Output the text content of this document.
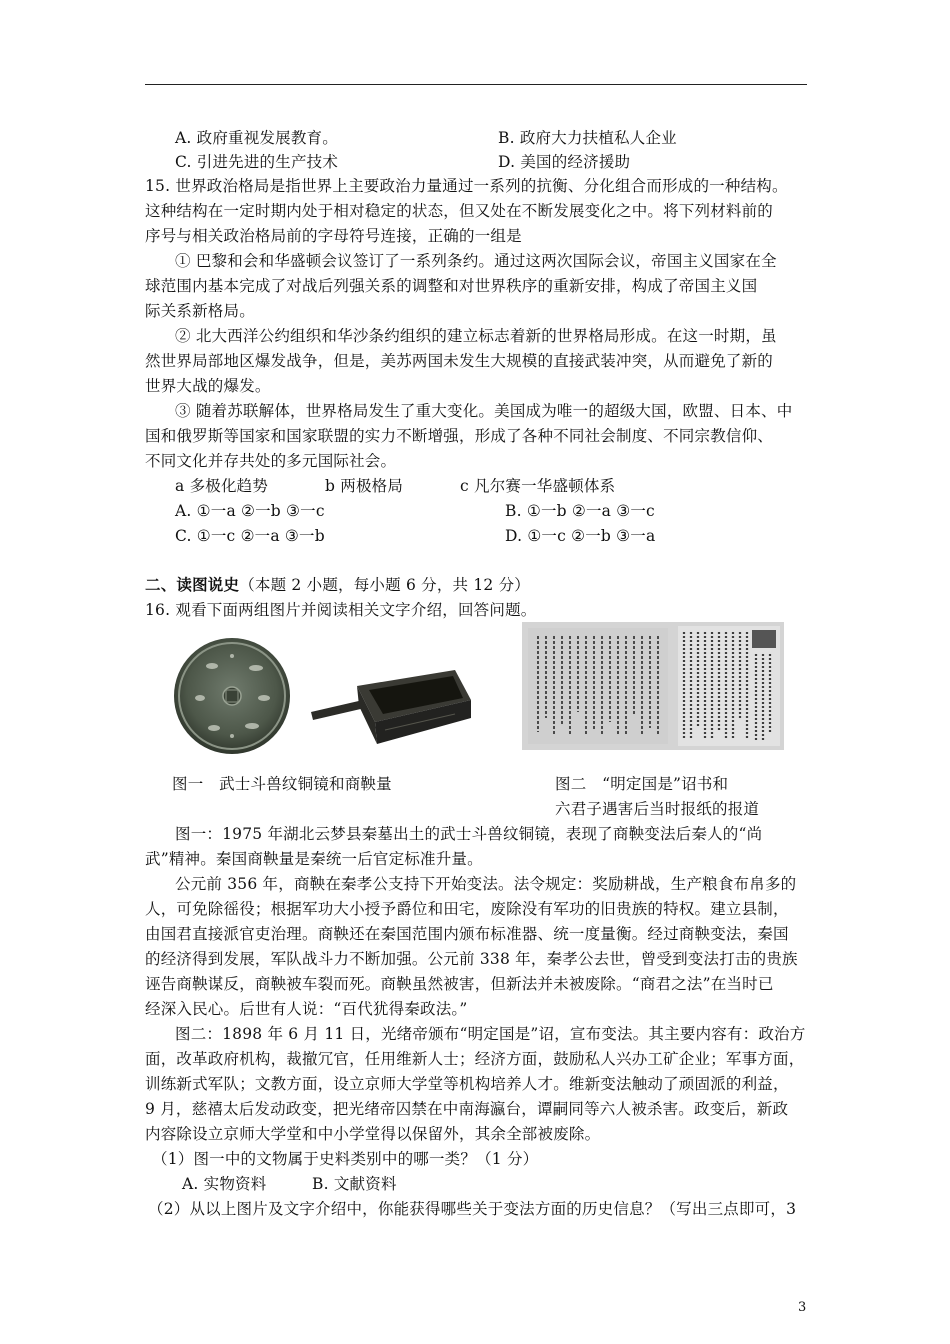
A. 政府重视发展教育。	B. 政府大力扶植私人企业
C. 引进先进的生产技术	D. 美国的经济援助
15. 世界政治格局是指世界上主要政治力量通过一系列的抗衡、分化组合而形成的一种结构。
这种结构在一定时期内处于相对稳定的状态，但又处在不断发展变化之中。将下列材料前的
序号与相关政治格局前的字母符号连接，正确的一组是
① 巴黎和会和华盛顿会议签订了一系列条约。通过这两次国际会议，帝国主义国家在全
球范围内基本完成了对战后列强关系的调整和对世界秩序的重新安排，构成了帝国主义国
际关系新格局。
② 北大西洋公约组织和华沙条约组织的建立标志着新的世界格局形成。在这一时期，虽
然世界局部地区爆发战争，但是，美苏两国未发生大规模的直接武装冲突，从而避免了新的
世界大战的爆发。
③ 随着苏联解体，世界格局发生了重大变化。美国成为唯一的超级大国，欧盟、日本、中
国和俄罗斯等国家和国家联盟的实力不断增强，形成了各种不同社会制度、不同宗教信仰、
不同文化并存共处的多元国际社会。
a 多极化趋势	b 两极格局	c 凡尔赛一华盛顿体系
A. ①一a ②一b ③一c	B. ①一b ②一a ③一c
C. ①一c ②一a ③一b	D. ①一c ②一b ③一a
二、读图说史（本题 2 小题，每小题 6 分，共 12 分）
16. 观看下面两组图片并阅读相关文字介绍，回答问题。
图一　武士斗兽纹铜镜和商鞅量	图二　“明定国是”诏书和
六君子遇害后当时报纸的报道
图一：1975 年湖北云梦县秦墓出土的武士斗兽纹铜镜，表现了商鞅变法后秦人的“尚
武”精神。秦国商鞅量是秦统一后官定标准升量。
公元前 356 年，商鞅在秦孝公支持下开始变法。法令规定：奖励耕战，生产粮食布帛多的
人，可免除徭役；根据军功大小授予爵位和田宅，废除没有军功的旧贵族的特权。建立县制，
由国君直接派官吏治理。商鞅还在秦国范围内颁布标准器、统一度量衡。经过商鞅变法，秦国
的经济得到发展，军队战斗力不断加强。公元前 338 年，秦孝公去世，曾受到变法打击的贵族
诬告商鞅谋反，商鞅被车裂而死。商鞅虽然被害，但新法并未被废除。“商君之法”在当时已
经深入民心。后世有人说：“百代犹得秦政法。”
图二：1898 年 6 月 11 日，光绪帝颁布“明定国是”诏，宣布变法。其主要内容有：政治方
面，改革政府机构，裁撤冗官，任用维新人士；经济方面，鼓励私人兴办工矿企业；军事方面，
训练新式军队；文教方面，设立京师大学堂等机构培养人才。维新变法触动了顽固派的利益，
9 月，慈禧太后发动政变，把光绪帝囚禁在中南海瀛台，谭嗣同等六人被杀害。政变后，新政
内容除设立京师大学堂和中小学堂得以保留外，其余全部被废除。
（1）图一中的文物属于史料类别中的哪一类？（1 分）
A. 实物资料	B. 文献资料
（2）从以上图片及文字介绍中，你能获得哪些关于变法方面的历史信息？（写出三点即可，3
3
